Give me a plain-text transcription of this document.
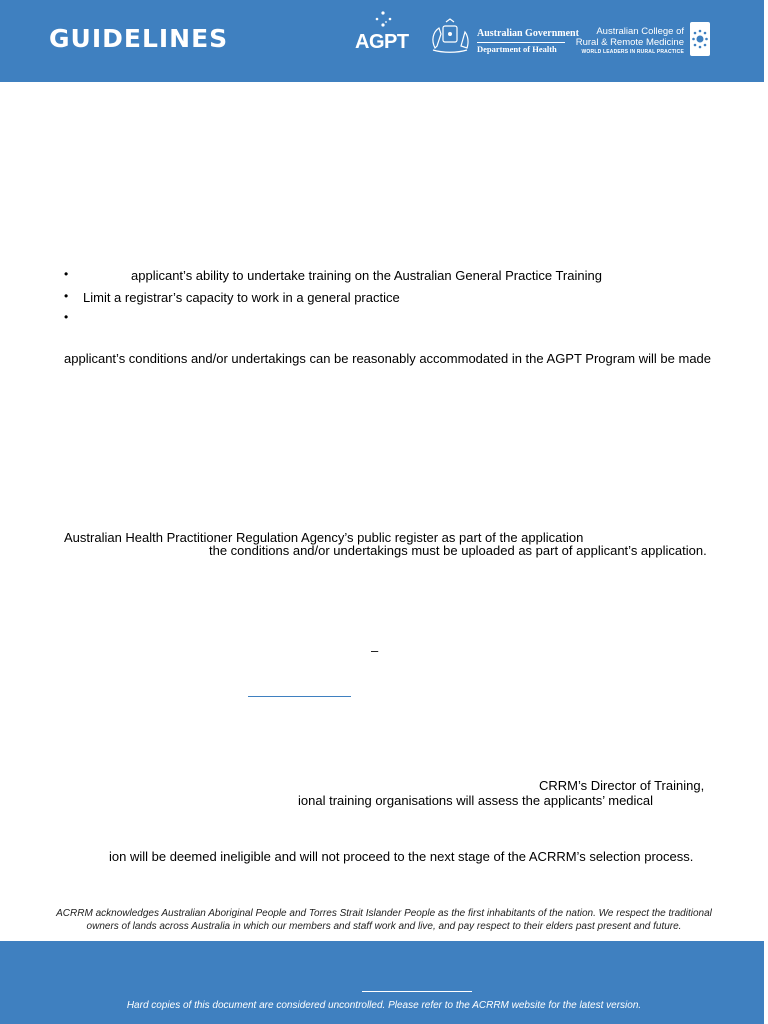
GUIDELINES	AGPT	Australian Government
Department of Health
Australian College of
Rural & Remote Medicine
WORLD LEADERS IN RURAL PRACTICE
•	applicant’s ability to undertake training on the Australian General Practice Training
• Limit a registrar’s capacity to work in a general practice
•
applicant’s conditions and/or undertakings can be reasonably accommodated in the AGPT Program will be made
Australian Health Practitioner Regulation Agency’s public register as part of the application
the conditions and/or undertakings must be uploaded as part of applicant’s application.
–
CRRM’s Director of Training,
ional training organisations will assess the applicants’ medical
ion will be deemed ineligible and will not proceed to the next stage of the ACRRM’s selection process.
ACRRM acknowledges Australian Aboriginal People and Torres Strait Islander People as the first inhabitants of the nation. We respect the traditional
owners of lands across Australia in which our members and staff work and live, and pay respect to their elders past present and future.
Hard copies of this document are considered uncontrolled. Please refer to the ACRRM website for the latest version.
